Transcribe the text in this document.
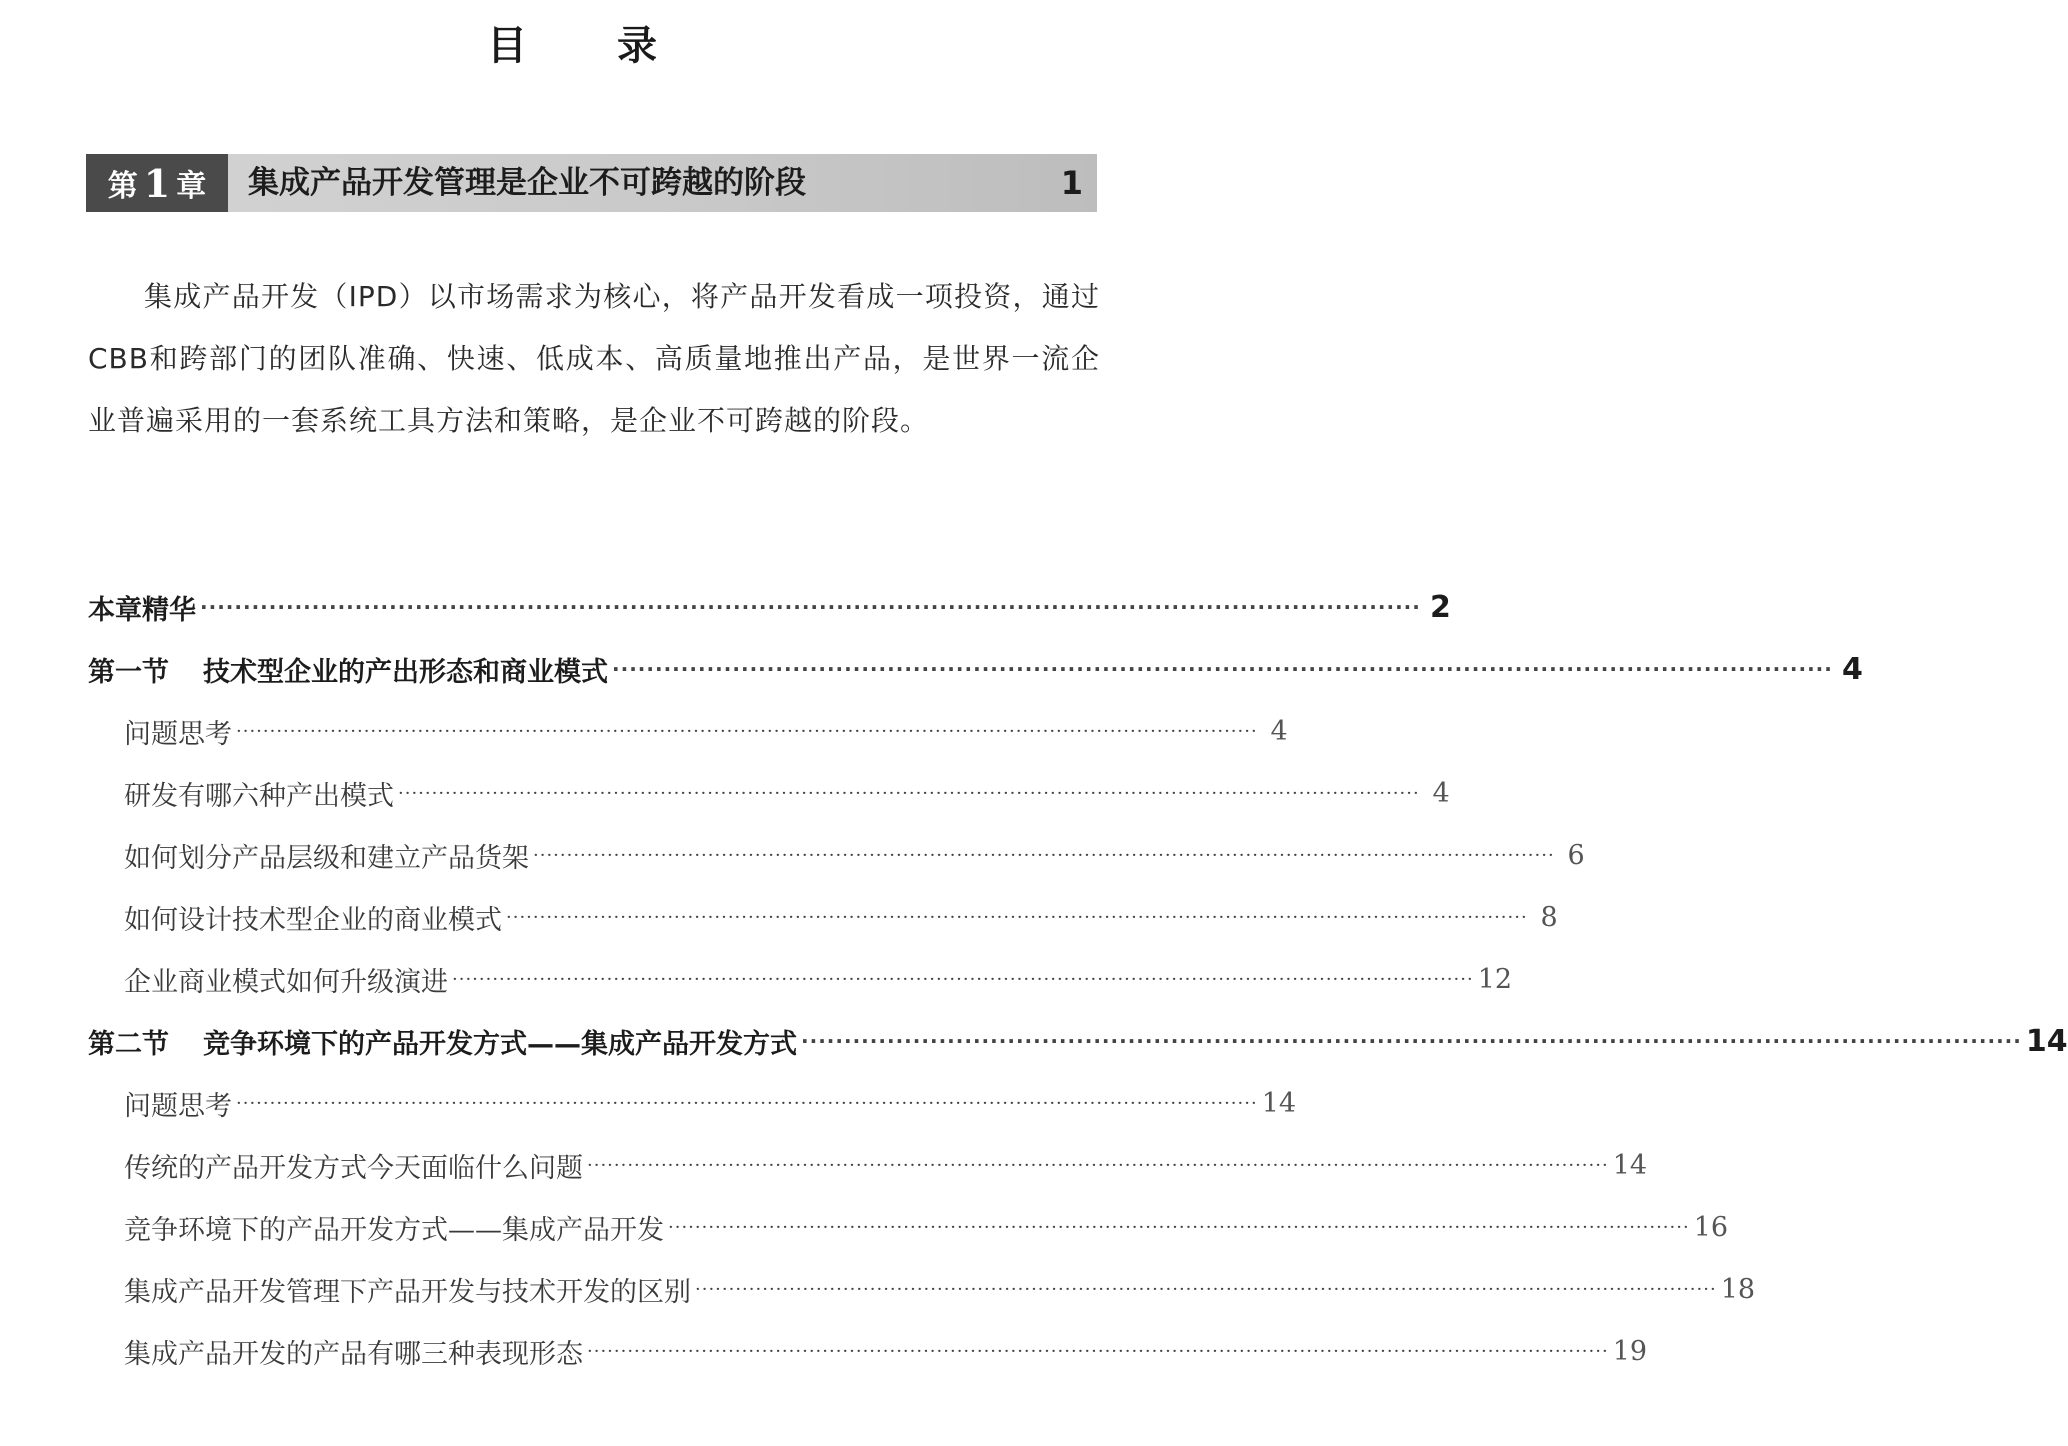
目 录
第 1 章 集成产品开发管理是企业不可跨越的阶段	1
集成产品开发（IPD）以市场需求为核心，将产品开发看成一项投资，通过CBB和跨部门的团队准确、快速、低成本、高质量地推出产品，是世界一流企业普遍采用的一套系统工具方法和策略，是企业不可跨越的阶段。
本章精华 ·············································································································································· 2
第一节 技术型企业的产出形态和商业模式 ·············································································································································· 4
问题思考 ························································································································································ 4
研发有哪六种产出模式 ························································································································································ 4
如何划分产品层级和建立产品货架 ························································································································································ 6
如何设计技术型企业的商业模式 ························································································································································ 8
企业商业模式如何升级演进 ························································································································································ 12
第二节 竞争环境下的产品开发方式——集成产品开发方式 ·············································································································································· 14
问题思考 ························································································································································ 14
传统的产品开发方式今天面临什么问题 ························································································································································ 14
竞争环境下的产品开发方式——集成产品开发 ························································································································································ 16
集成产品开发管理下产品开发与技术开发的区别 ························································································································································ 18
集成产品开发的产品有哪三种表现形态 ························································································································································ 19
